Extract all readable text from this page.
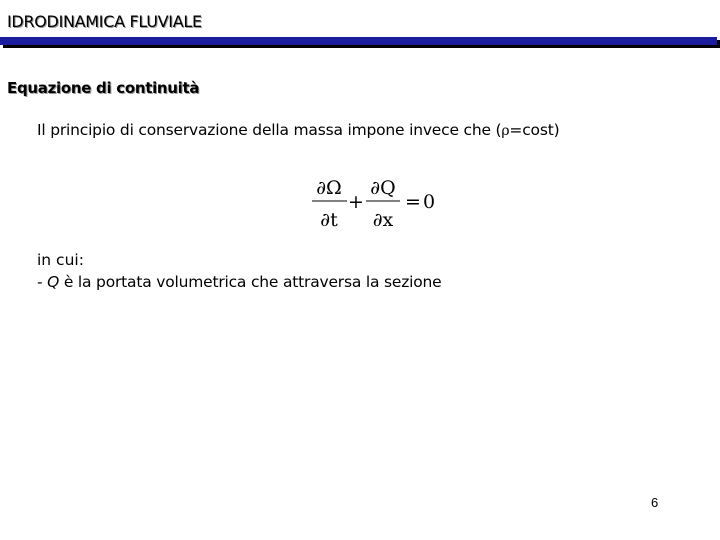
IDRODINAMICA FLUVIALE
Equazione di continuità
Il principio di conservazione della massa impone invece che (ρ=cost)
∂Ω
∂t
+
∂Q
∂x
= 0
in cui:
- Q è la portata volumetrica che attraversa la sezione
6
